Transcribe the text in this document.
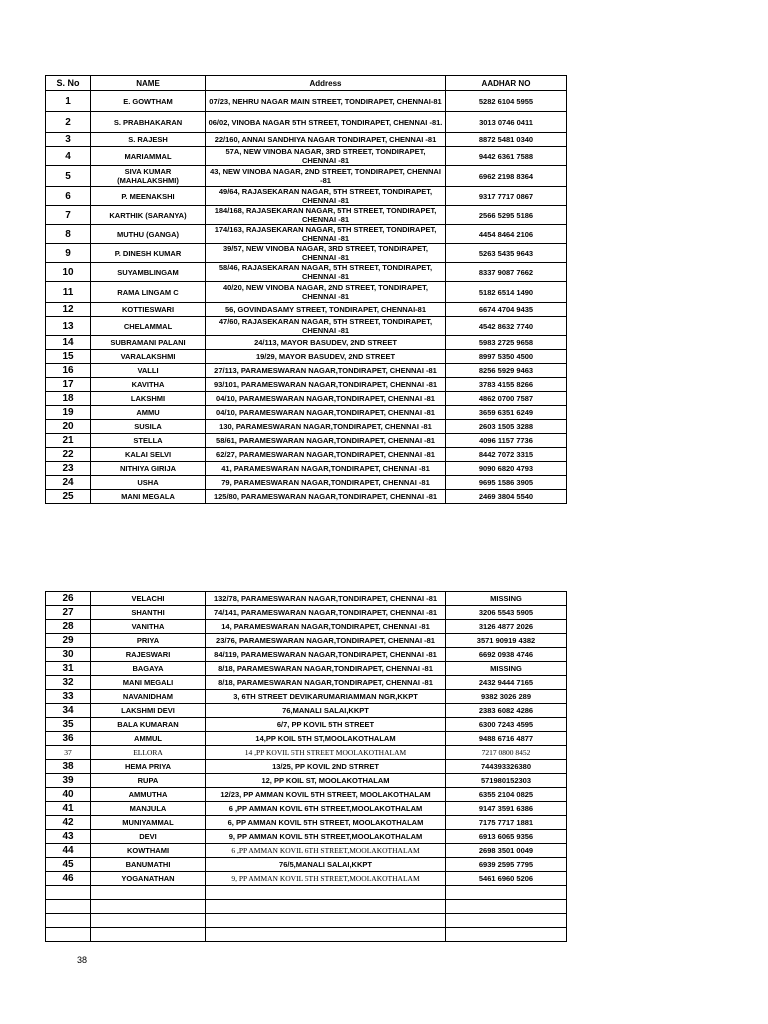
S. No	NAME	Address	AADHAR NO
1	E. GOWTHAM	07/23, NEHRU NAGAR MAIN STREET, TONDIRAPET, CHENNAI-81	5282 6104 5955
2	S. PRABHAKARAN	06/02, VINOBA NAGAR 5TH STREET, TONDIRAPET, CHENNAI -81.	3013 0746 0411
3	S. RAJESH	22/160, ANNAI SANDHIYA NAGAR TONDIRAPET, CHENNAI -81	8872 5481 0340
4	MARIAMMAL	57A, NEW VINOBA NAGAR, 3RD STREET, TONDIRAPET, CHENNAI -81	9442 6361 7588
5	SIVA KUMAR (MAHALAKSHMI)	43, NEW VINOBA NAGAR, 2ND STREET, TONDIRAPET, CHENNAI -81	6962 2198 8364
6	P. MEENAKSHI	49/64, RAJASEKARAN NAGAR, 5TH STREET, TONDIRAPET, CHENNAI -81	9317 7717 0867
7	KARTHIK (SARANYA)	184/168, RAJASEKARAN NAGAR, 5TH STREET, TONDIRAPET, CHENNAI -81	2566 5295 5186
8	MUTHU (GANGA)	174/163, RAJASEKARAN NAGAR, 5TH STREET, TONDIRAPET, CHENNAI -81	4454 8464 2106
9	P. DINESH KUMAR	39/57, NEW VINOBA NAGAR, 3RD STREET, TONDIRAPET, CHENNAI -81	5263 5435 9643
10	SUYAMBLINGAM	58/46, RAJASEKARAN NAGAR, 5TH STREET, TONDIRAPET, CHENNAI -81	8337 9087 7662
11	RAMA LINGAM C	40/20, NEW VINOBA NAGAR, 2ND STREET, TONDIRAPET, CHENNAI -81	5182 6514 1490
12	KOTTIESWARI	56, GOVINDASAMY STREET, TONDIRAPET, CHENNAI-81	6674 4704 9435
13	CHELAMMAL	47/60, RAJASEKARAN NAGAR, 5TH STREET, TONDIRAPET, CHENNAI -81	4542 8632 7740
14	SUBRAMANI PALANI	24/113, MAYOR BASUDEV, 2ND STREET	5983 2725 9658
15	VARALAKSHMI	19/29, MAYOR BASUDEV, 2ND STREET	8997 5350 4500
16	VALLI	27/113, PARAMESWARAN NAGAR,TONDIRAPET, CHENNAI -81	8256 5929 9463
17	KAVITHA	93/101, PARAMESWARAN NAGAR,TONDIRAPET, CHENNAI -81	3783 4155 8266
18	LAKSHMI	04/10, PARAMESWARAN NAGAR,TONDIRAPET, CHENNAI -81	4862 0700 7587
19	AMMU	04/10, PARAMESWARAN NAGAR,TONDIRAPET, CHENNAI -81	3659 6351 6249
20	SUSILA	130, PARAMESWARAN NAGAR,TONDIRAPET, CHENNAI -81	2603 1505 3288
21	STELLA	58/61, PARAMESWARAN NAGAR,TONDIRAPET, CHENNAI -81	4096 1157 7736
22	KALAI SELVI	62/27, PARAMESWARAN NAGAR,TONDIRAPET, CHENNAI -81	8442 7072 3315
23	NITHIYA GIRIJA	41, PARAMESWARAN NAGAR,TONDIRAPET, CHENNAI -81	9090 6820 4793
24	USHA	79, PARAMESWARAN NAGAR,TONDIRAPET, CHENNAI -81	9695 1586 3905
25	MANI MEGALA	125/80, PARAMESWARAN NAGAR,TONDIRAPET, CHENNAI -81	2469 3804 5540
26	VELACHI	132/78, PARAMESWARAN NAGAR,TONDIRAPET, CHENNAI -81	MISSING
27	SHANTHI	74/141, PARAMESWARAN NAGAR,TONDIRAPET, CHENNAI -81	3206 5543 5905
28	VANITHA	14, PARAMESWARAN NAGAR,TONDIRAPET, CHENNAI -81	3126 4877 2026
29	PRIYA	23/76, PARAMESWARAN NAGAR,TONDIRAPET, CHENNAI -81	3571 90919 4382
30	RAJESWARI	84/119, PARAMESWARAN NAGAR,TONDIRAPET, CHENNAI -81	6692 0938 4746
31	BAGAYA	8/18, PARAMESWARAN NAGAR,TONDIRAPET, CHENNAI -81	MISSING
32	MANI MEGALI	8/18, PARAMESWARAN NAGAR,TONDIRAPET, CHENNAI -81	2432 9444 7165
33	NAVANIDHAM	3, 6TH STREET DEVIKARUMARIAMMAN NGR,KKPT	9382 3026 289
34	LAKSHMI DEVI	76,MANALI SALAI,KKPT	2383 6082 4286
35	BALA KUMARAN	6/7, PP KOVIL 5TH STREET	6300 7243 4595
36	AMMUL	14,PP KOIL 5TH ST,MOOLAKOTHALAM	9488 6716 4877
37	ELLORA	14 ,PP KOVIL 5TH STREET MOOLAKOTHALAM	7217 0800 8452
38	HEMA PRIYA	13/25, PP KOVIL 2ND STRRET	744393326380
39	RUPA	12, PP KOIL ST, MOOLAKOTHALAM	571980152303
40	AMMUTHA	12/23, PP AMMAN KOVIL 5TH STREET, MOOLAKOTHALAM	6355 2104 0825
41	MANJULA	6 ,PP AMMAN KOVIL 6TH STREET,MOOLAKOTHALAM	9147 3591 6386
42	MUNIYAMMAL	6, PP AMMAN KOVIL 5TH STREET, MOOLAKOTHALAM	7175 7717 1881
43	DEVI	9, PP AMMAN KOVIL 5TH STREET,MOOLAKOTHALAM	6913 6065 9356
44	KOWTHAMI	6 ,PP AMMAN KOVIL 6TH STREET,MOOLAKOTHALAM	2698 3501 0049
45	BANUMATHI	76/5,MANALI SALAI,KKPT	6939 2595 7795
46	YOGANATHAN	9, PP AMMAN KOVIL 5TH STREET,MOOLAKOTHALAM	5461 6960 5206

38
